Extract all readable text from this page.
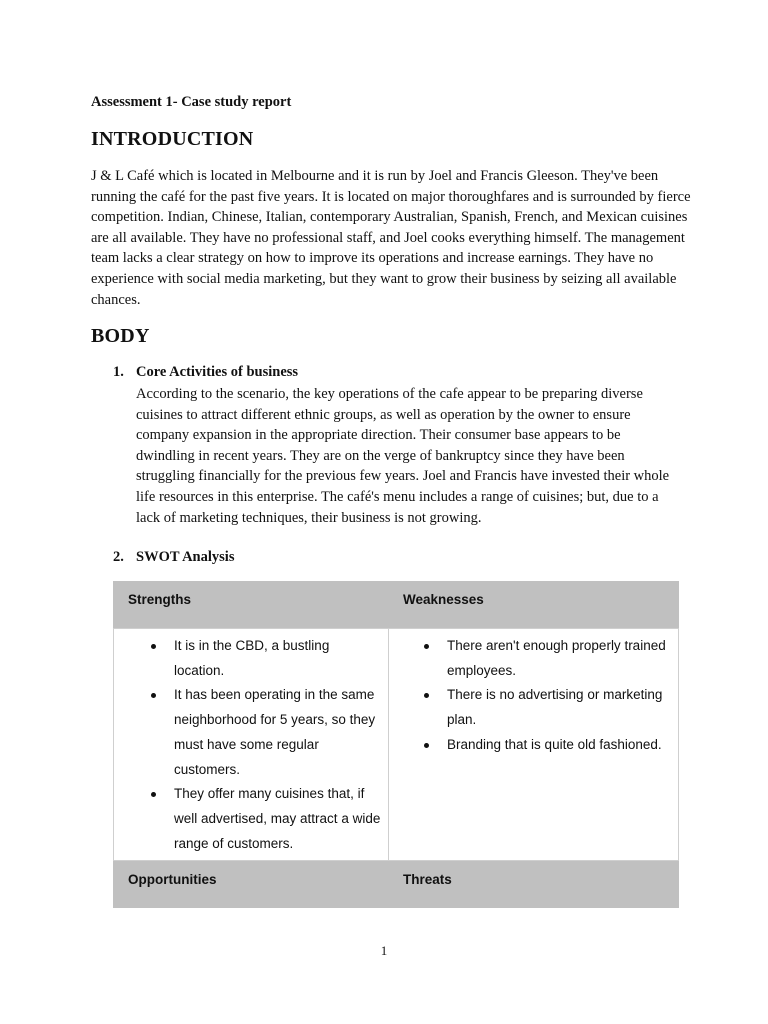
Assessment 1- Case study report
INTRODUCTION
J & L Café which is located in Melbourne and it is run by Joel and Francis Gleeson. They've been running the café for the past five years. It is located on major thoroughfares and is surrounded by fierce competition. Indian, Chinese, Italian, contemporary Australian, Spanish, French, and Mexican cuisines are all available. They have no professional staff, and Joel cooks everything himself. The management team lacks a clear strategy on how to improve its operations and increase earnings. They have no experience with social media marketing, but they want to grow their business by seizing all available chances.
BODY
1. Core Activities of business
According to the scenario, the key operations of the cafe appear to be preparing diverse cuisines to attract different ethnic groups, as well as operation by the owner to ensure company expansion in the appropriate direction. Their consumer base appears to be dwindling in recent years. They are on the verge of bankruptcy since they have been struggling financially for the previous few years. Joel and Francis have invested their whole life resources in this enterprise. The café's menu includes a range of cuisines; but, due to a lack of marketing techniques, their business is not growing.
2. SWOT Analysis
Strengths	Weaknesses
It is in the CBD, a bustling location.
It has been operating in the same neighborhood for 5 years, so they must have some regular customers.
They offer many cuisines that, if well advertised, may attract a wide range of customers.
There aren't enough properly trained employees.
There is no advertising or marketing plan.
Branding that is quite old fashioned.
Opportunities	Threats
1
